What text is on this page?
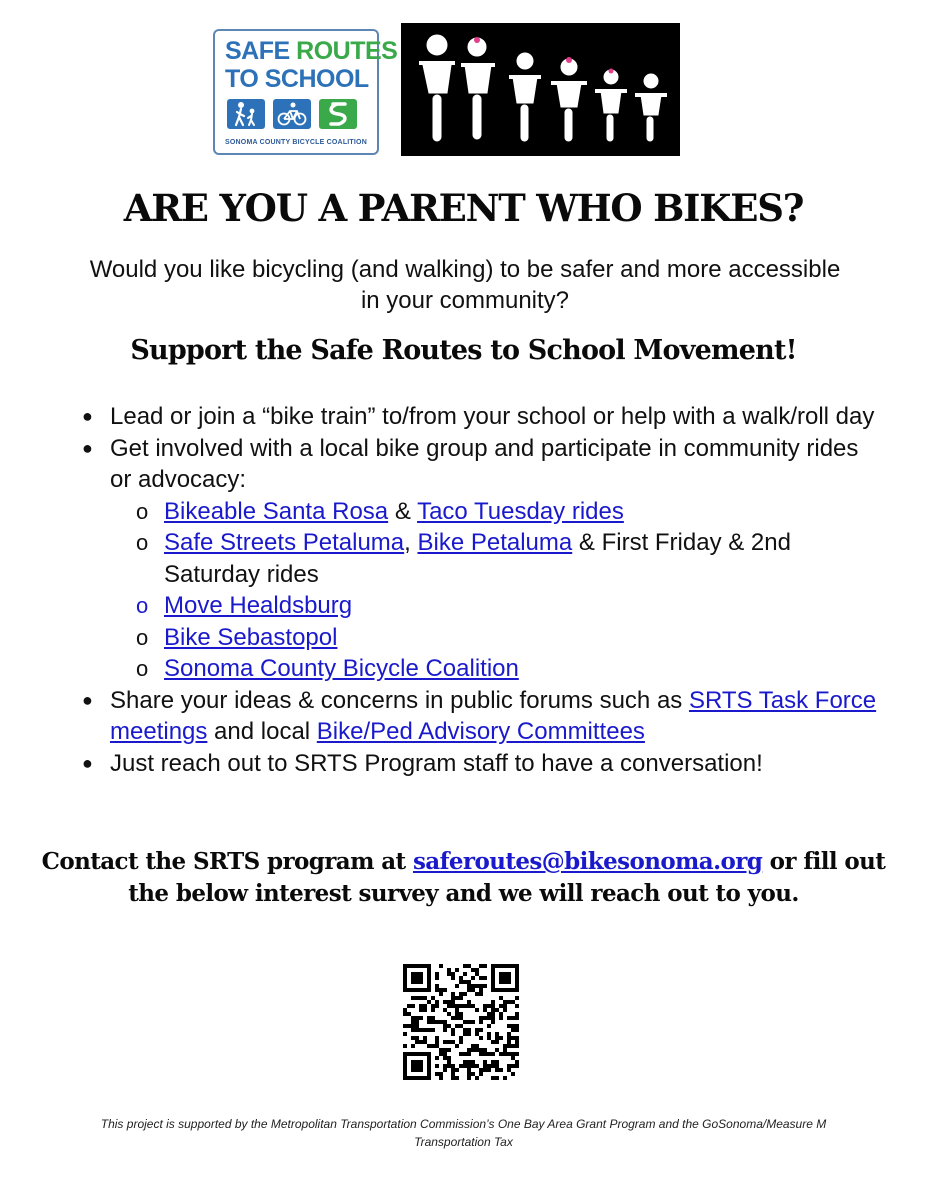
SAFE ROUTES
TO SCHOOL
SONOMA COUNTY BICYCLE COALITION
ARE YOU A PARENT WHO BIKES?
Would you like bicycling (and walking) to be safer and more accessible in your community?
Support the Safe Routes to School Movement!
● Lead or join a “bike train” to/from your school or help with a walk/roll day
● Get involved with a local bike group and participate in community rides or advocacy:
o Bikeable Santa Rosa & Taco Tuesday rides
o Safe Streets Petaluma, Bike Petaluma & First Friday & 2nd Saturday rides
o Move Healdsburg
o Bike Sebastopol
o Sonoma County Bicycle Coalition
● Share your ideas & concerns in public forums such as SRTS Task Force meetings and local Bike/Ped Advisory Committees
● Just reach out to SRTS Program staff to have a conversation!
Contact the SRTS program at saferoutes@bikesonoma.org or fill out the below interest survey and we will reach out to you.
This project is supported by the Metropolitan Transportation Commission’s One Bay Area Grant Program and the GoSonoma/Measure M Transportation Tax
